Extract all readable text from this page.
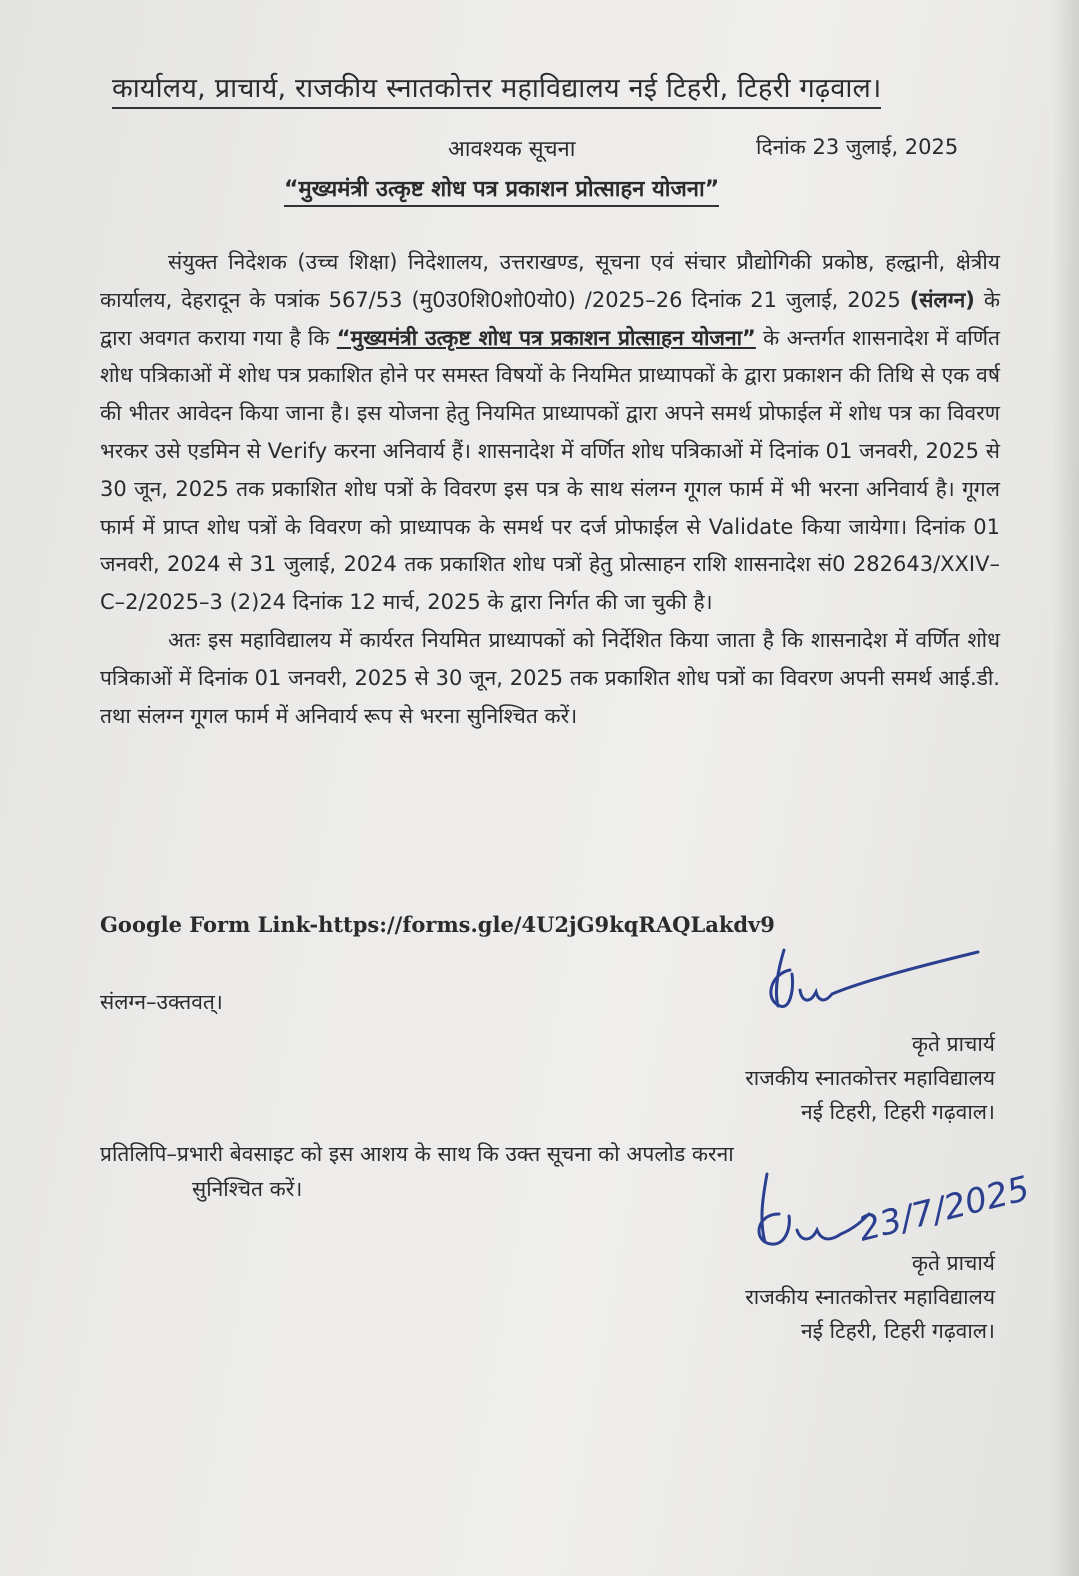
कार्यालय, प्राचार्य, राजकीय स्नातकोत्तर महाविद्यालय नई टिहरी, टिहरी गढ़वाल।
आवश्यक सूचना	दिनांक 23 जुलाई, 2025
“मुख्यमंत्री उत्कृष्ट शोध पत्र प्रकाशन प्रोत्साहन योजना”

संयुक्त निदेशक (उच्च शिक्षा) निदेशालय, उत्तराखण्ड, सूचना एवं संचार प्रौद्योगिकी प्रकोष्ठ, हल्द्वानी, क्षेत्रीय कार्यालय, देहरादून के पत्रांक 567/53 (मु0उ0शि0शो0यो0) /2025–26 दिनांक 21 जुलाई, 2025 (संलग्न) के द्वारा अवगत कराया गया है कि “मुख्यमंत्री उत्कृष्ट शोध पत्र प्रकाशन प्रोत्साहन योजना” के अन्तर्गत शासनादेश में वर्णित शोध पत्रिकाओं में शोध पत्र प्रकाशित होने पर समस्त विषयों के नियमित प्राध्यापकों के द्वारा प्रकाशन की तिथि से एक वर्ष की भीतर आवेदन किया जाना है। इस योजना हेतु नियमित प्राध्यापकों द्वारा अपने समर्थ प्रोफाईल में शोध पत्र का विवरण भरकर उसे एडमिन से Verify करना अनिवार्य हैं। शासनादेश में वर्णित शोध पत्रिकाओं में दिनांक 01 जनवरी, 2025 से 30 जून, 2025 तक प्रकाशित शोध पत्रों के विवरण इस पत्र के साथ संलग्न गूगल फार्म में भी भरना अनिवार्य है। गूगल फार्म में प्राप्त शोध पत्रों के विवरण को प्राध्यापक के समर्थ पर दर्ज प्रोफाईल से Validate किया जायेगा। दिनांक 01 जनवरी, 2024 से 31 जुलाई, 2024 तक प्रकाशित शोध पत्रों हेतु प्रोत्साहन राशि शासनादेश सं0 282643/XXIV–C–2/2025–3 (2)24 दिनांक 12 मार्च, 2025 के द्वारा निर्गत की जा चुकी है।

अतः इस महाविद्यालय में कार्यरत नियमित प्राध्यापकों को निर्देशित किया जाता है कि शासनादेश में वर्णित शोध पत्रिकाओं में दिनांक 01 जनवरी, 2025 से 30 जून, 2025 तक प्रकाशित शोध पत्रों का विवरण अपनी समर्थ आई.डी. तथा संलग्न गूगल फार्म में अनिवार्य रूप से भरना सुनिश्चित करें।

Google Form Link-https://forms.gle/4U2jG9kqRAQLakdv9
संलग्न–उक्तवत्।
कृते प्राचार्य
राजकीय स्नातकोत्तर महाविद्यालय
नई टिहरी, टिहरी गढ़वाल।
प्रतिलिपि–प्रभारी बेवसाइट को इस आशय के साथ कि उक्त सूचना को अपलोड करना
सुनिश्चित करें।	23/7/2025
कृते प्राचार्य
राजकीय स्नातकोत्तर महाविद्यालय
नई टिहरी, टिहरी गढ़वाल।
